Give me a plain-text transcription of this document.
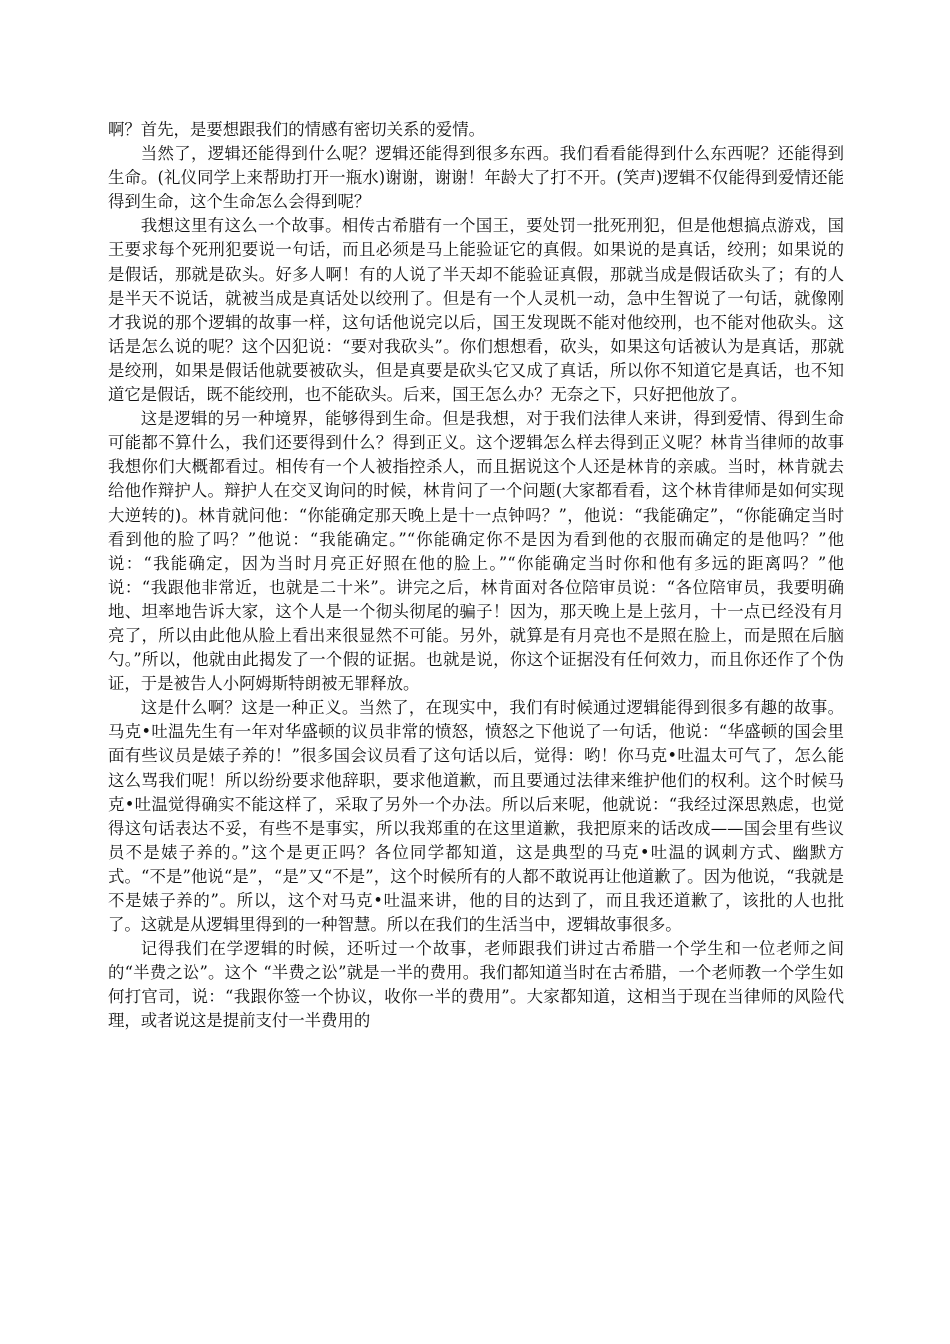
啊？首先，是要想跟我们的情感有密切关系的爱情。

当然了，逻辑还能得到什么呢？逻辑还能得到很多东西。我们看看能得到什么东西呢？还能得到生命。(礼仪同学上来帮助打开一瓶水)谢谢，谢谢！年龄大了打不开。(笑声)逻辑不仅能得到爱情还能得到生命，这个生命怎么会得到呢？

我想这里有这么一个故事。相传古希腊有一个国王，要处罚一批死刑犯，但是他想搞点游戏，国王要求每个死刑犯要说一句话，而且必须是马上能验证它的真假。如果说的是真话，绞刑；如果说的是假话，那就是砍头。好多人啊！有的人说了半天却不能验证真假，那就当成是假话砍头了；有的人是半天不说话，就被当成是真话处以绞刑了。但是有一个人灵机一动，急中生智说了一句话，就像刚才我说的那个逻辑的故事一样，这句话他说完以后，国王发现既不能对他绞刑，也不能对他砍头。这话是怎么说的呢？这个囚犯说：“要对我砍头”。你们想想看，砍头，如果这句话被认为是真话，那就是绞刑，如果是假话他就要被砍头，但是真要是砍头它又成了真话，所以你不知道它是真话，也不知道它是假话，既不能绞刑，也不能砍头。后来，国王怎么办？无奈之下，只好把他放了。

这是逻辑的另一种境界，能够得到生命。但是我想，对于我们法律人来讲，得到爱情、得到生命可能都不算什么，我们还要得到什么？得到正义。这个逻辑怎么样去得到正义呢？林肯当律师的故事我想你们大概都看过。相传有一个人被指控杀人，而且据说这个人还是林肯的亲戚。当时，林肯就去给他作辩护人。辩护人在交叉询问的时候，林肯问了一个问题(大家都看看，这个林肯律师是如何实现大逆转的)。林肯就问他：“你能确定那天晚上是十一点钟吗？”，他说：“我能确定”，“你能确定当时看到他的脸了吗？”他说：“我能确定。”“你能确定你不是因为看到他的衣服而确定的是他吗？”他说：“我能确定，因为当时月亮正好照在他的脸上。”“你能确定当时你和他有多远的距离吗？”他说：“我跟他非常近，也就是二十米”。讲完之后，林肯面对各位陪审员说：“各位陪审员，我要明确地、坦率地告诉大家，这个人是一个彻头彻尾的骗子！因为，那天晚上是上弦月，十一点已经没有月亮了，所以由此他从脸上看出来很显然不可能。另外，就算是有月亮也不是照在脸上，而是照在后脑勺。”所以，他就由此揭发了一个假的证据。也就是说，你这个证据没有任何效力，而且你还作了个伪证，于是被告人小阿姆斯特朗被无罪释放。

这是什么啊？这是一种正义。当然了，在现实中，我们有时候通过逻辑能得到很多有趣的故事。马克•吐温先生有一年对华盛顿的议员非常的愤怒，愤怒之下他说了一句话，他说：“华盛顿的国会里面有些议员是婊子养的！”很多国会议员看了这句话以后，觉得：哟！你马克•吐温太可气了，怎么能这么骂我们呢！所以纷纷要求他辞职，要求他道歉，而且要通过法律来维护他们的权利。这个时候马克•吐温觉得确实不能这样了，采取了另外一个办法。所以后来呢，他就说：“我经过深思熟虑，也觉得这句话表达不妥，有些不是事实，所以我郑重的在这里道歉，我把原来的话改成——国会里有些议员不是婊子养的。”这个是更正吗？各位同学都知道，这是典型的马克•吐温的讽刺方式、幽默方式。“不是”他说“是”，“是”又“不是”，这个时候所有的人都不敢说再让他道歉了。因为他说，“我就是不是婊子养的”。所以，这个对马克•吐温来讲，他的目的达到了，而且我还道歉了，该批的人也批了。这就是从逻辑里得到的一种智慧。所以在我们的生活当中，逻辑故事很多。

记得我们在学逻辑的时候，还听过一个故事，老师跟我们讲过古希腊一个学生和一位老师之间的“半费之讼”。这个 “半费之讼”就是一半的费用。我们都知道当时在古希腊，一个老师教一个学生如何打官司，说：“我跟你签一个协议，收你一半的费用”。大家都知道，这相当于现在当律师的风险代理，或者说这是提前支付一半费用的
